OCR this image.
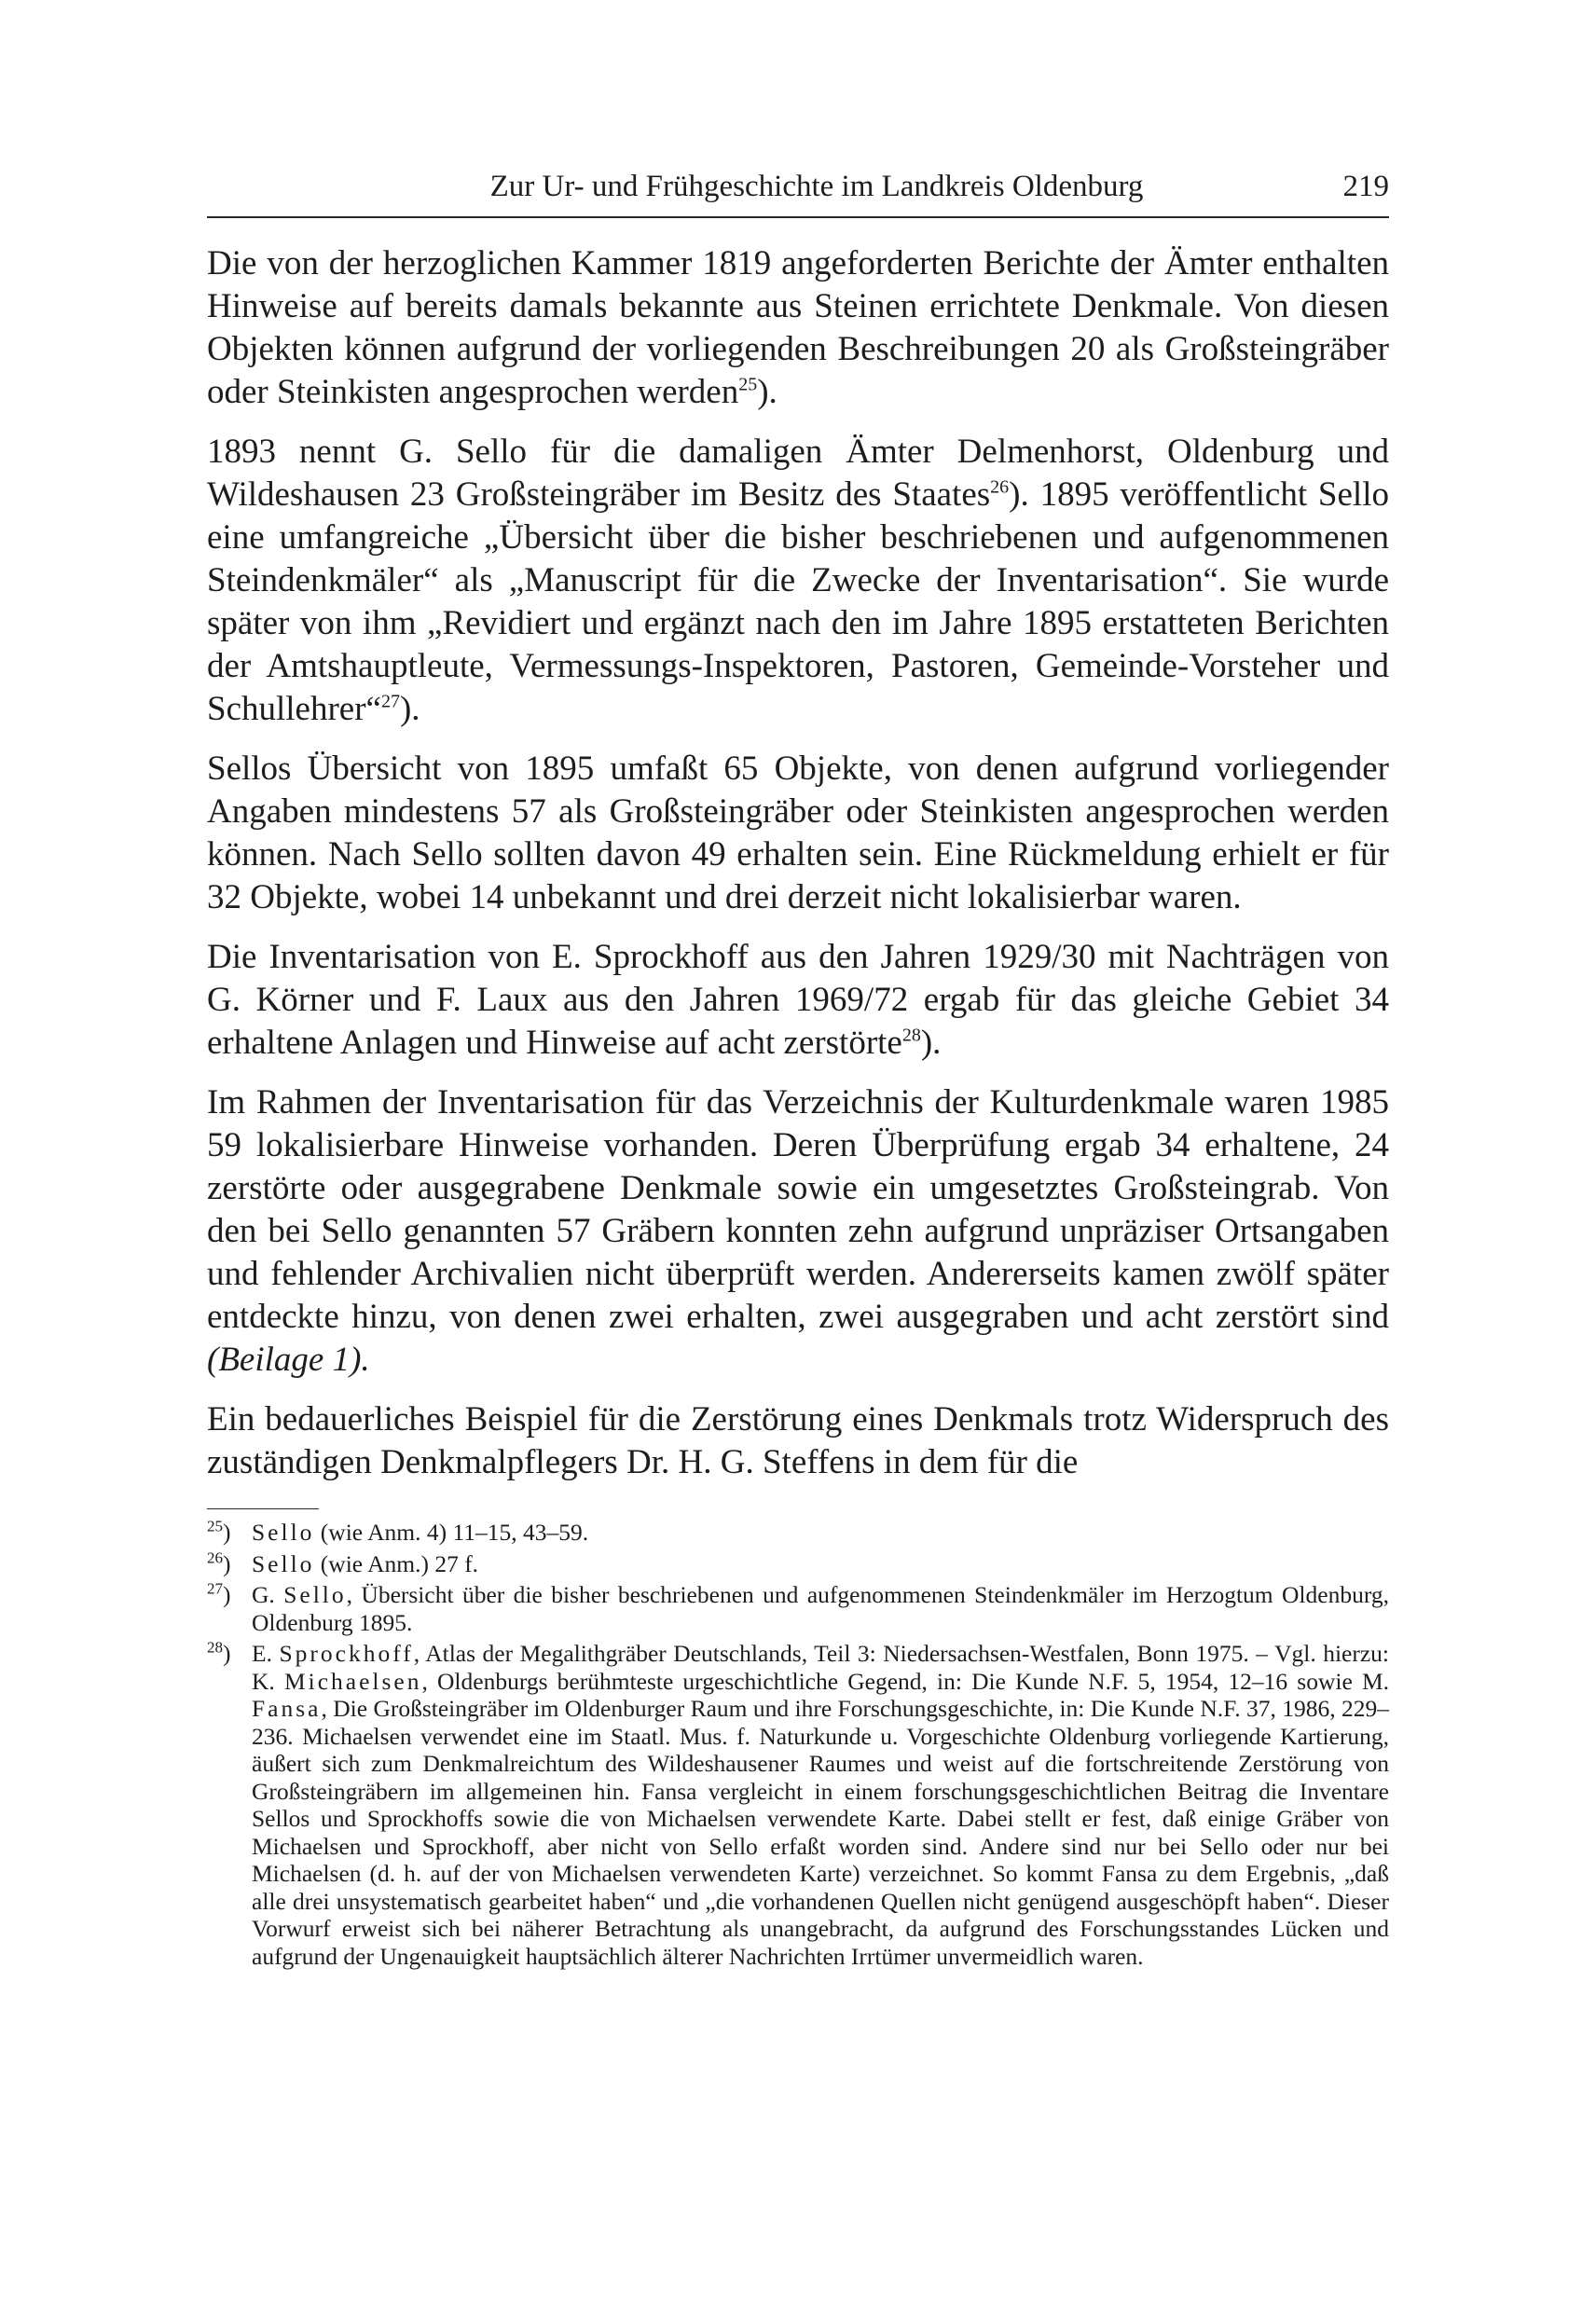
Zur Ur- und Frühgeschichte im Landkreis Oldenburg	219

Die von der herzoglichen Kammer 1819 angeforderten Berichte der Ämter enthalten Hinweise auf bereits damals bekannte aus Steinen errichtete Denkmale. Von diesen Objekten können aufgrund der vorliegenden Beschreibungen 20 als Großsteingräber oder Steinkisten angesprochen werden$^{25}$).

1893 nennt G. Sello für die damaligen Ämter Delmenhorst, Oldenburg und Wildeshausen 23 Großsteingräber im Besitz des Staates$^{26}$). 1895 veröffentlicht Sello eine umfangreiche „Übersicht über die bisher beschriebenen und aufgenommenen Steindenkmäler“ als „Manuscript für die Zwecke der Inventarisation“. Sie wurde später von ihm „Revidiert und ergänzt nach den im Jahre 1895 erstatteten Berichten der Amtshauptleute, Vermessungs-Inspektoren, Pastoren, Gemeinde-Vorsteher und Schullehrer“$^{27}$).

Sellos Übersicht von 1895 umfaßt 65 Objekte, von denen aufgrund vorliegender Angaben mindestens 57 als Großsteingräber oder Steinkisten angesprochen werden können. Nach Sello sollten davon 49 erhalten sein. Eine Rückmeldung erhielt er für 32 Objekte, wobei 14 unbekannt und drei derzeit nicht lokalisierbar waren.

Die Inventarisation von E. Sprockhoff aus den Jahren 1929/30 mit Nachträgen von G. Körner und F. Laux aus den Jahren 1969/72 ergab für das gleiche Gebiet 34 erhaltene Anlagen und Hinweise auf acht zerstörte$^{28}$).

Im Rahmen der Inventarisation für das Verzeichnis der Kulturdenkmale waren 1985 59 lokalisierbare Hinweise vorhanden. Deren Überprüfung ergab 34 erhaltene, 24 zerstörte oder ausgegrabene Denkmale sowie ein umgesetztes Großsteingrab. Von den bei Sello genannten 57 Gräbern konnten zehn aufgrund unpräziser Ortsangaben und fehlender Archivalien nicht überprüft werden. Andererseits kamen zwölf später entdeckte hinzu, von denen zwei erhalten, zwei ausgegraben und acht zerstört sind (Beilage 1).

Ein bedauerliches Beispiel für die Zerstörung eines Denkmals trotz Widerspruch des zuständigen Denkmalpflegers Dr. H. G. Steffens in dem für die

$^{25}$) Sello (wie Anm. 4) 11–15, 43–59.
$^{26}$) Sello (wie Anm.) 27 f.
$^{27}$) G. Sello, Übersicht über die bisher beschriebenen und aufgenommenen Steindenkmäler im Herzogtum Oldenburg, Oldenburg 1895.
$^{28}$) E. Sprockhoff, Atlas der Megalithgräber Deutschlands, Teil 3: Niedersachsen-Westfalen, Bonn 1975. – Vgl. hierzu: K. Michaelsen, Oldenburgs berühmteste urgeschichtliche Gegend, in: Die Kunde N.F. 5, 1954, 12–16 sowie M. Fansa, Die Großsteingräber im Oldenburger Raum und ihre Forschungsgeschichte, in: Die Kunde N.F. 37, 1986, 229–236. Michaelsen verwendet eine im Staatl. Mus. f. Naturkunde u. Vorgeschichte Oldenburg vorliegende Kartierung, äußert sich zum Denkmalreichtum des Wildeshausener Raumes und weist auf die fortschreitende Zerstörung von Großsteingräbern im allgemeinen hin. Fansa vergleicht in einem forschungsgeschichtlichen Beitrag die Inventare Sellos und Sprockhoffs sowie die von Michaelsen verwendete Karte. Dabei stellt er fest, daß einige Gräber von Michaelsen und Sprockhoff, aber nicht von Sello erfaßt worden sind. Andere sind nur bei Sello oder nur bei Michaelsen (d. h. auf der von Michaelsen verwendeten Karte) verzeichnet. So kommt Fansa zu dem Ergebnis, „daß alle drei unsystematisch gearbeitet haben“ und „die vorhandenen Quellen nicht genügend ausgeschöpft haben“. Dieser Vorwurf erweist sich bei näherer Betrachtung als unangebracht, da aufgrund des Forschungsstandes Lücken und aufgrund der Ungenauigkeit hauptsächlich älterer Nachrichten Irrtümer unvermeidlich waren.
